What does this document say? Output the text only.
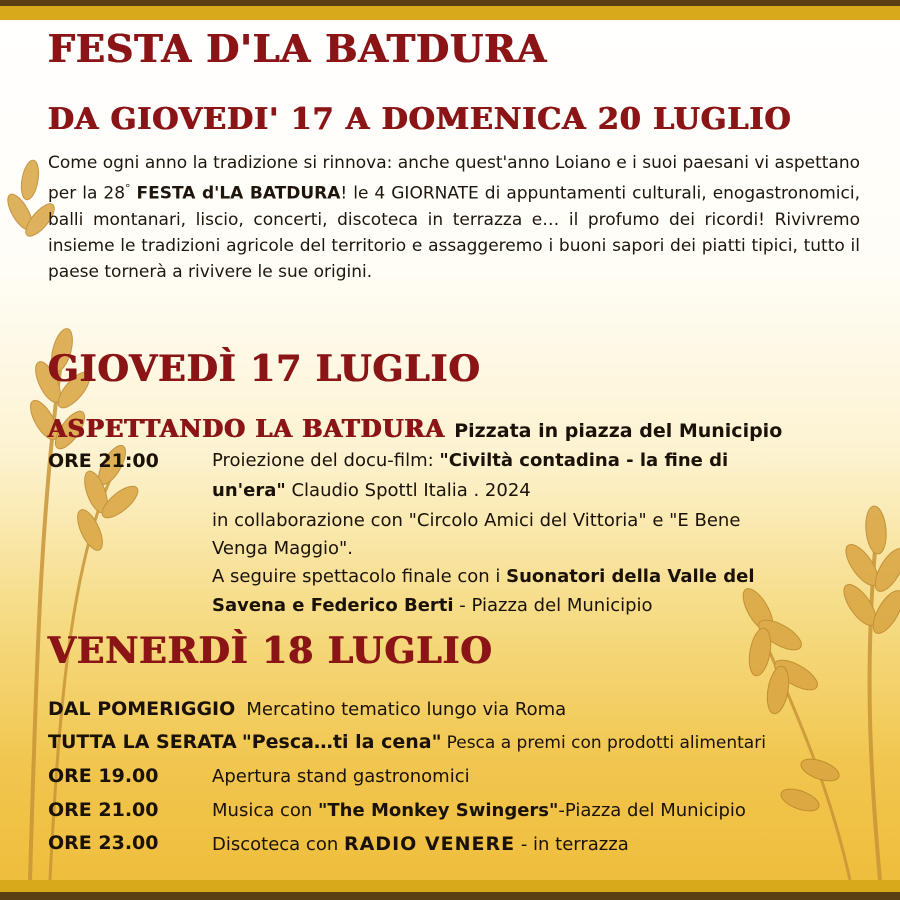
FESTA D'LA BATDURA
DA GIOVEDI' 17 A DOMENICA 20 LUGLIO
Come ogni anno la tradizione si rinnova: anche quest'anno Loiano e i suoi paesani vi aspettano per la 28° FESTA d'LA BATDURA! le 4 GIORNATE di appuntamenti culturali, enogastronomici, balli montanari, liscio, concerti, discoteca in terrazza e… il profumo dei ricordi! Rivivremo insieme le tradizioni agricole del territorio e assaggeremo i buoni sapori dei piatti tipici, tutto il paese tornerà a rivivere le sue origini.
GIOVEDÌ 17 LUGLIO
ASPETTANDO LA BATDURA Pizzata in piazza del Municipio
ORE 21:00	Proiezione del docu-film: "Civiltà contadina - la fine di
un'era" Claudio Spottl Italia . 2024
in collaborazione con "Circolo Amici del Vittoria" e "E Bene
Venga Maggio".
A seguire spettacolo finale con i Suonatori della Valle del
Savena e Federico Berti - Piazza del Municipio
VENERDÌ 18 LUGLIO
DAL POMERIGGIO Mercatino tematico lungo via Roma
TUTTA LA SERATA "Pesca…ti la cena" Pesca a premi con prodotti alimentari
ORE 19.00	Apertura stand gastronomici
ORE 21.00	Musica con "The Monkey Swingers"-Piazza del Municipio
ORE 23.00	Discoteca con RADIO VENERE - in terrazza
